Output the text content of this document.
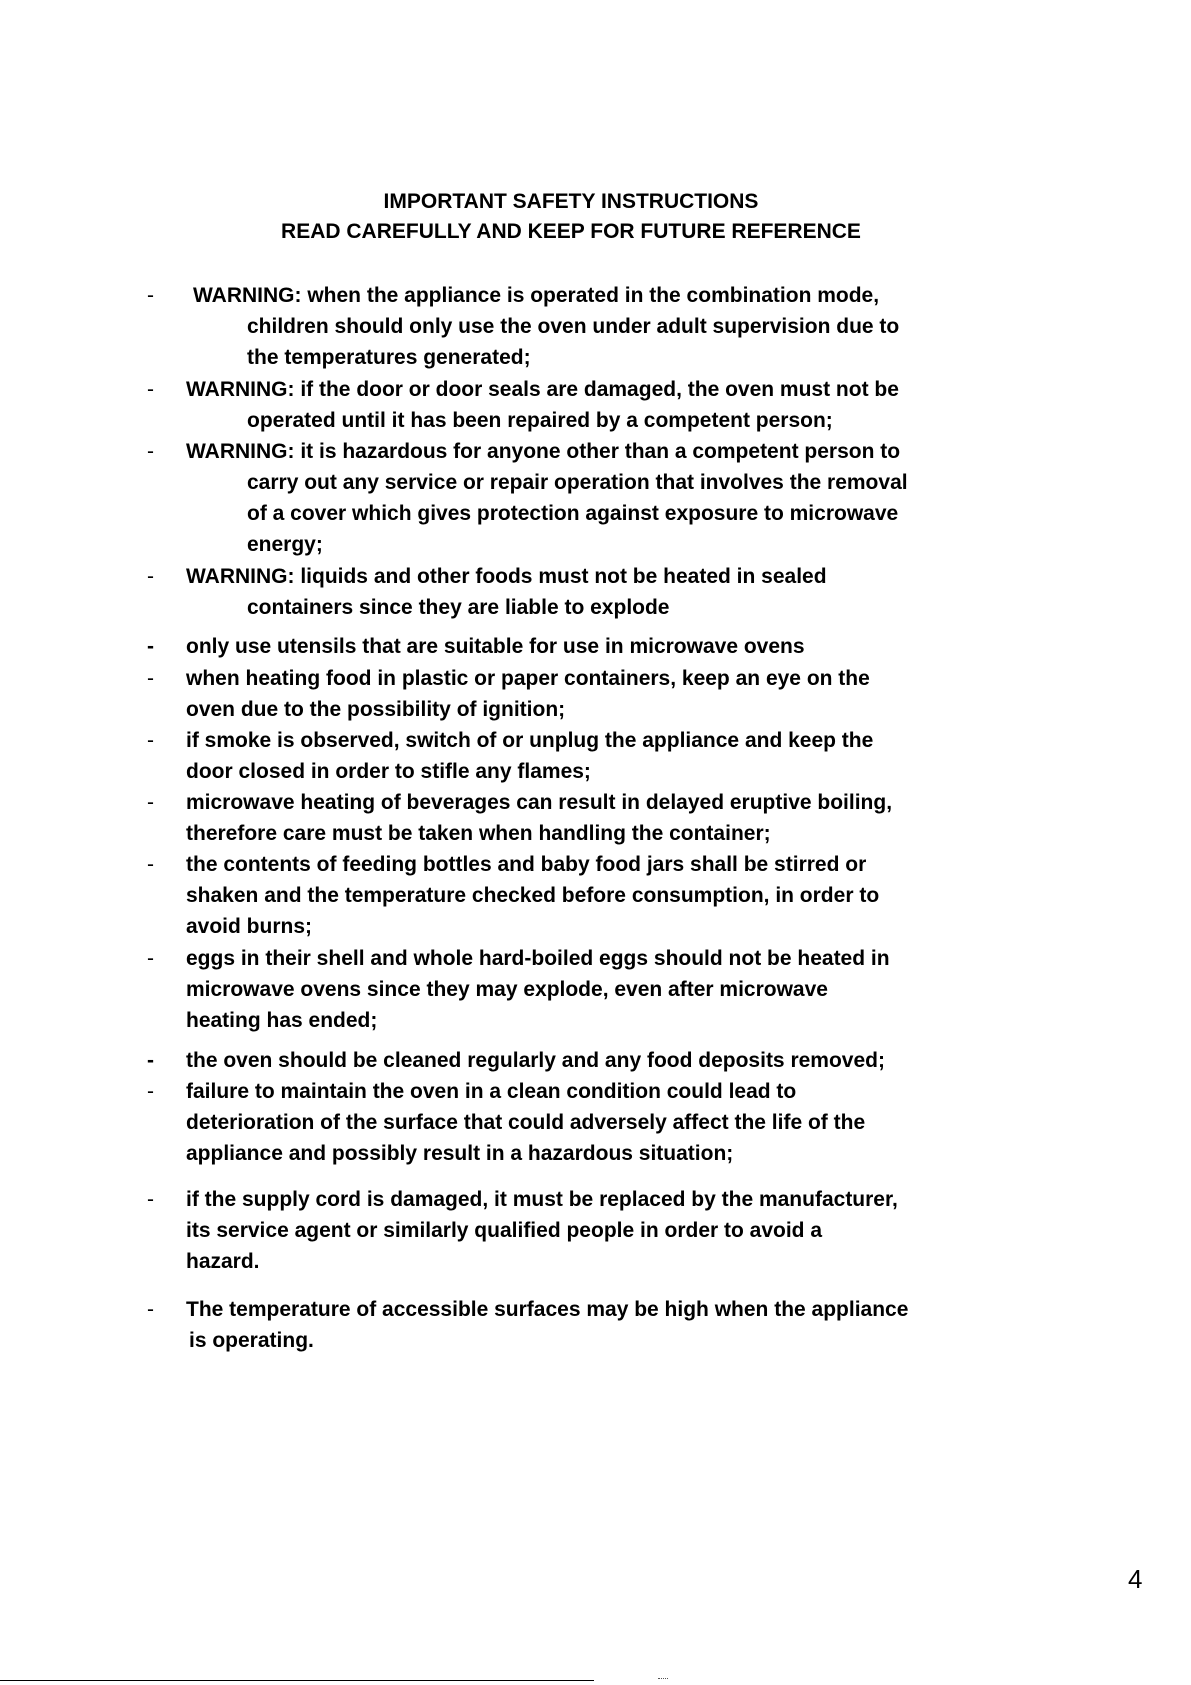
IMPORTANT SAFETY INSTRUCTIONS
READ CAREFULLY AND KEEP FOR FUTURE REFERENCE
- WARNING: when the appliance is operated in the combination mode,
children should only use the oven under adult supervision due to
the temperatures generated;
- WARNING: if the door or door seals are damaged, the oven must not be
operated until it has been repaired by a competent person;
- WARNING: it is hazardous for anyone other than a competent person to
carry out any service or repair operation that involves the removal
of a cover which gives protection against exposure to microwave
energy;
- WARNING: liquids and other foods must not be heated in sealed
containers since they are liable to explode
- only use utensils that are suitable for use in microwave ovens
- when heating food in plastic or paper containers, keep an eye on the
oven due to the possibility of ignition;
- if smoke is observed, switch of or unplug the appliance and keep the
door closed in order to stifle any flames;
- microwave heating of beverages can result in delayed eruptive boiling,
therefore care must be taken when handling the container;
- the contents of feeding bottles and baby food jars shall be stirred or
shaken and the temperature checked before consumption, in order to
avoid burns;
- eggs in their shell and whole hard-boiled eggs should not be heated in
microwave ovens since they may explode, even after microwave
heating has ended;
- the oven should be cleaned regularly and any food deposits removed;
- failure to maintain the oven in a clean condition could lead to
deterioration of the surface that could adversely affect the life of the
appliance and possibly result in a hazardous situation;
- if the supply cord is damaged, it must be replaced by the manufacturer,
its service agent or similarly qualified people in order to avoid a
hazard.
- The temperature of accessible surfaces may be high when the appliance
is operating.
4
